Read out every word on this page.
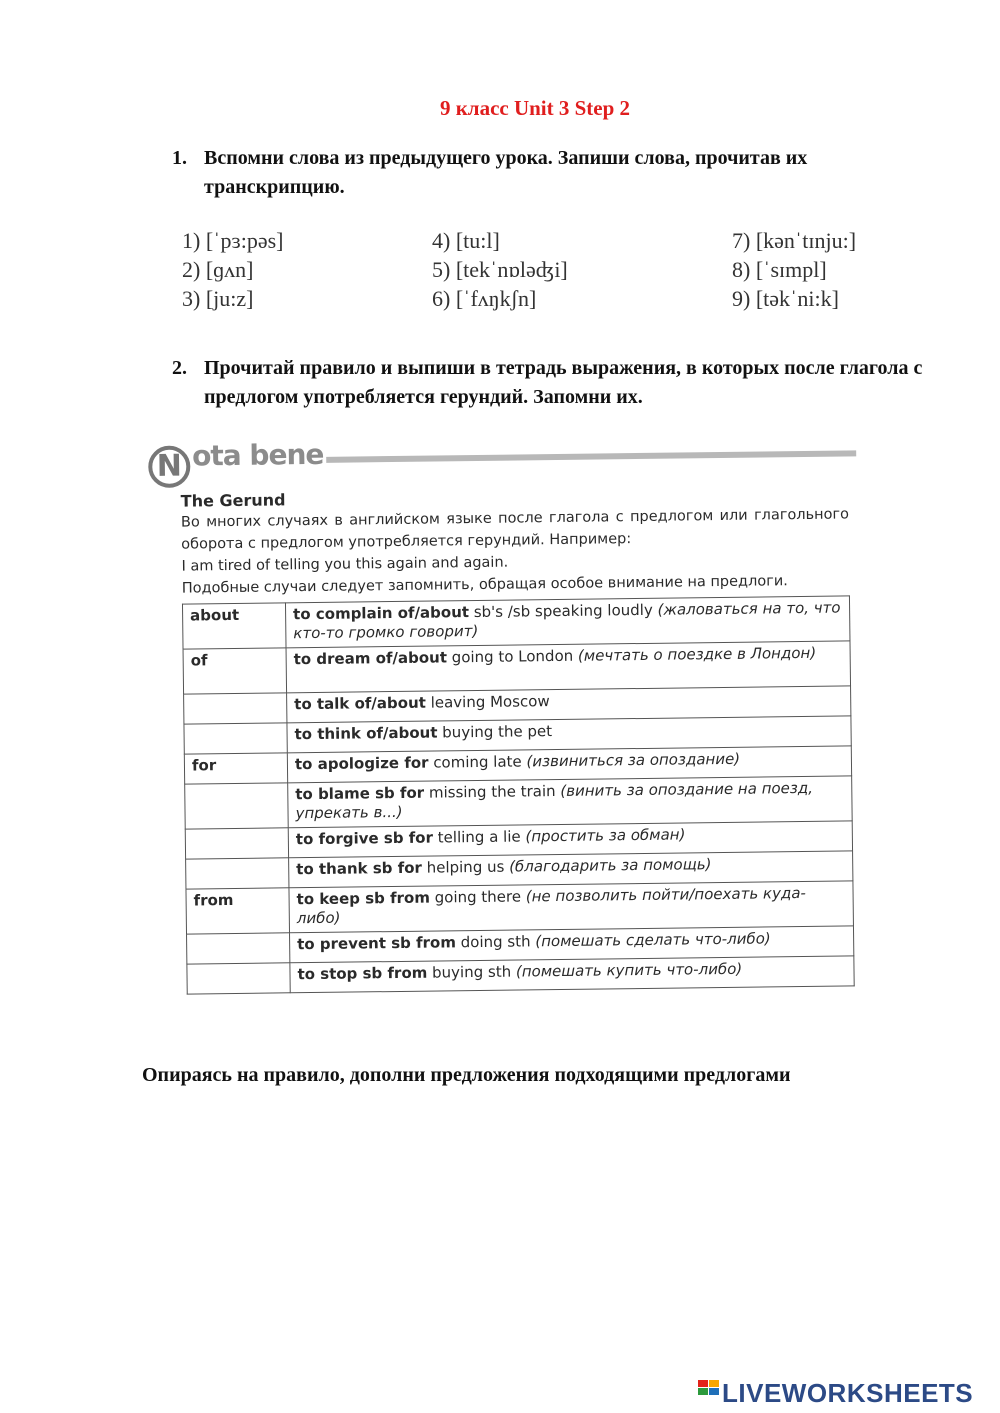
9 класс Unit 3 Step 2
1. Вспомни слова из предыдущего урока. Запиши слова, прочитав их транскрипцию.
1) [ˈpɜ:pəs]
2) [ɡʌn]
3) [ju:z]
4) [tu:l]
5) [tekˈnɒləʤi]
6) [ˈfʌŋkʃn]
7) [kənˈtɪnju:]
8) [ˈsɪmpl]
9) [təkˈni:k]
2. Прочитай правило и выпиши в тетрадь выражения, в которых после глагола с предлогом употребляется герундий. Запомни их.
N ota bene
The Gerund

Во многих случаях в английском языке после глагола с предлогом или глагольного оборота с предлогом употребляется герундий. Например:

I am tired of telling you this again and again.

Подобные случаи следует запомнить, обращая особое внимание на предлоги.

about	to complain of/about sb's /sb speaking loudly (жаловаться на то, что кто-то громко говорит)
of	to dream of/about going to London (мечтать о поездке в Лондон)
	to talk of/about leaving Moscow
	to think of/about buying the pet
for	to apologize for coming late (извиниться за опоздание)
	to blame sb for missing the train (винить за опоздание на поезд, упрекать в...)
	to forgive sb for telling a lie (простить за обман)
	to thank sb for helping us (благодарить за помощь)
from	to keep sb from going there (не позволить пойти/поехать куда-либо)
	to prevent sb from doing sth (помешать сделать что-либо)
	to stop sb from buying sth (помешать купить что-либо)
Опираясь на правило, дополни предложения подходящими предлогами
LIVEWORKSHEETS
